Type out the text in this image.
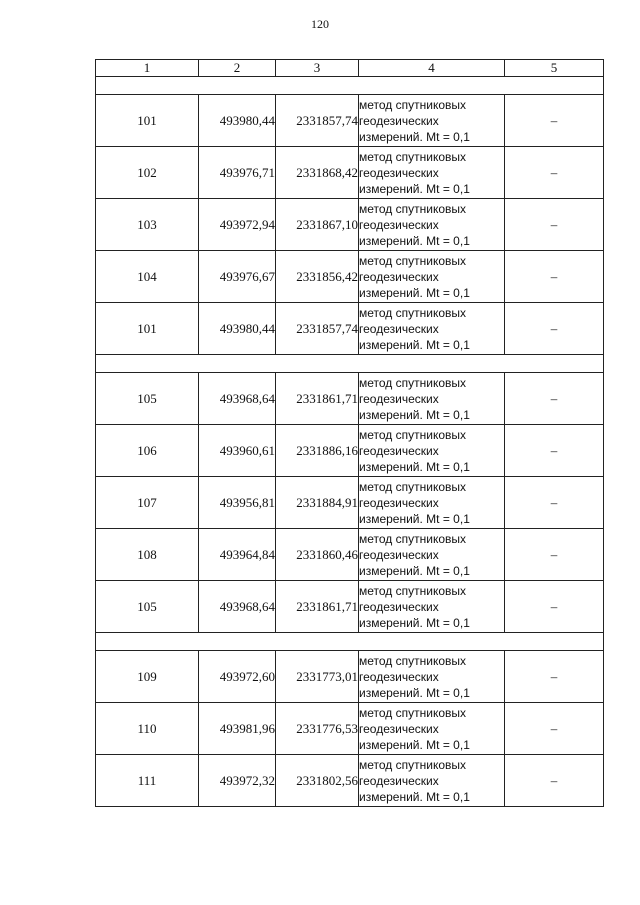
120
1	2	3	4	5

101	493980,44	2331857,74	метод спутниковых
геодезических
измерений. Mt = 0,1	–
102	493976,71	2331868,42	метод спутниковых
геодезических
измерений. Mt = 0,1	–
103	493972,94	2331867,10	метод спутниковых
геодезических
измерений. Mt = 0,1	–
104	493976,67	2331856,42	метод спутниковых
геодезических
измерений. Mt = 0,1	–
101	493980,44	2331857,74	метод спутниковых
геодезических
измерений. Mt = 0,1	–

105	493968,64	2331861,71	метод спутниковых
геодезических
измерений. Mt = 0,1	–
106	493960,61	2331886,16	метод спутниковых
геодезических
измерений. Mt = 0,1	–
107	493956,81	2331884,91	метод спутниковых
геодезических
измерений. Mt = 0,1	–
108	493964,84	2331860,46	метод спутниковых
геодезических
измерений. Mt = 0,1	–
105	493968,64	2331861,71	метод спутниковых
геодезических
измерений. Mt = 0,1	–

109	493972,60	2331773,01	метод спутниковых
геодезических
измерений. Mt = 0,1	–
110	493981,96	2331776,53	метод спутниковых
геодезических
измерений. Mt = 0,1	–
111	493972,32	2331802,56	метод спутниковых
геодезических
измерений. Mt = 0,1	–
